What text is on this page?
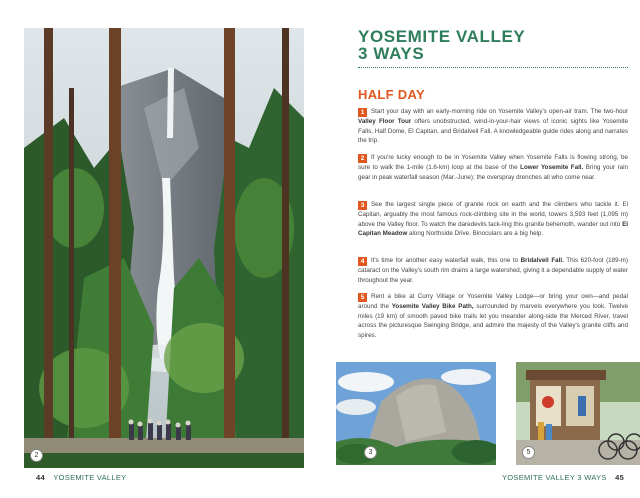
2
44 YOSEMITE VALLEY
YOSEMITE VALLEY
3 WAYS
HALF DAY
1 Start your day with an early-morning ride on Yosemite Valley's open-air tram. The two-hour Valley Floor Tour offers unobstructed, wind-in-your-hair views of iconic sights like Yosemite Falls, Half Dome, El Capitan, and Bridalveil Fall. A knowledgeable guide rides along and narrates the trip.
2 If you're lucky enough to be in Yosemite Valley when Yosemite Falls is flowing strong, be sure to walk the 1-mile (1.6-km) loop at the base of the Lower Yosemite Fall. Bring your rain gear in peak waterfall season (Mar.-June); the overspray drenches all who come near.
3 See the largest single piece of granite rock on earth and the climbers who tackle it. El Capitan, arguably the most famous rock-climbing site in the world, towers 3,593 feet (1,095 m) above the Valley floor. To watch the daredevils tack-ling this granite behemoth, wander out into El Capitan Meadow along Northside Drive. Binoculars are a big help.
4 It's time for another easy waterfall walk, this one to Bridalveil Fall. This 620-foot (189-m) cataract on the Valley's south rim drains a large watershed, giving it a dependable supply of water throughout the year.
5 Rent a bike at Curry Village or Yosemite Valley Lodge—or bring your own—and pedal around the Yosemite Valley Bike Path, surrounded by marvels everywhere you look. Twelve miles (19 km) of smooth paved bike trails let you meander along-side the Merced River, travel across the picturesque Swinging Bridge, and admire the majesty of the Valley's granite cliffs and spires.
3	5
YOSEMITE VALLEY 3 WAYS 45
